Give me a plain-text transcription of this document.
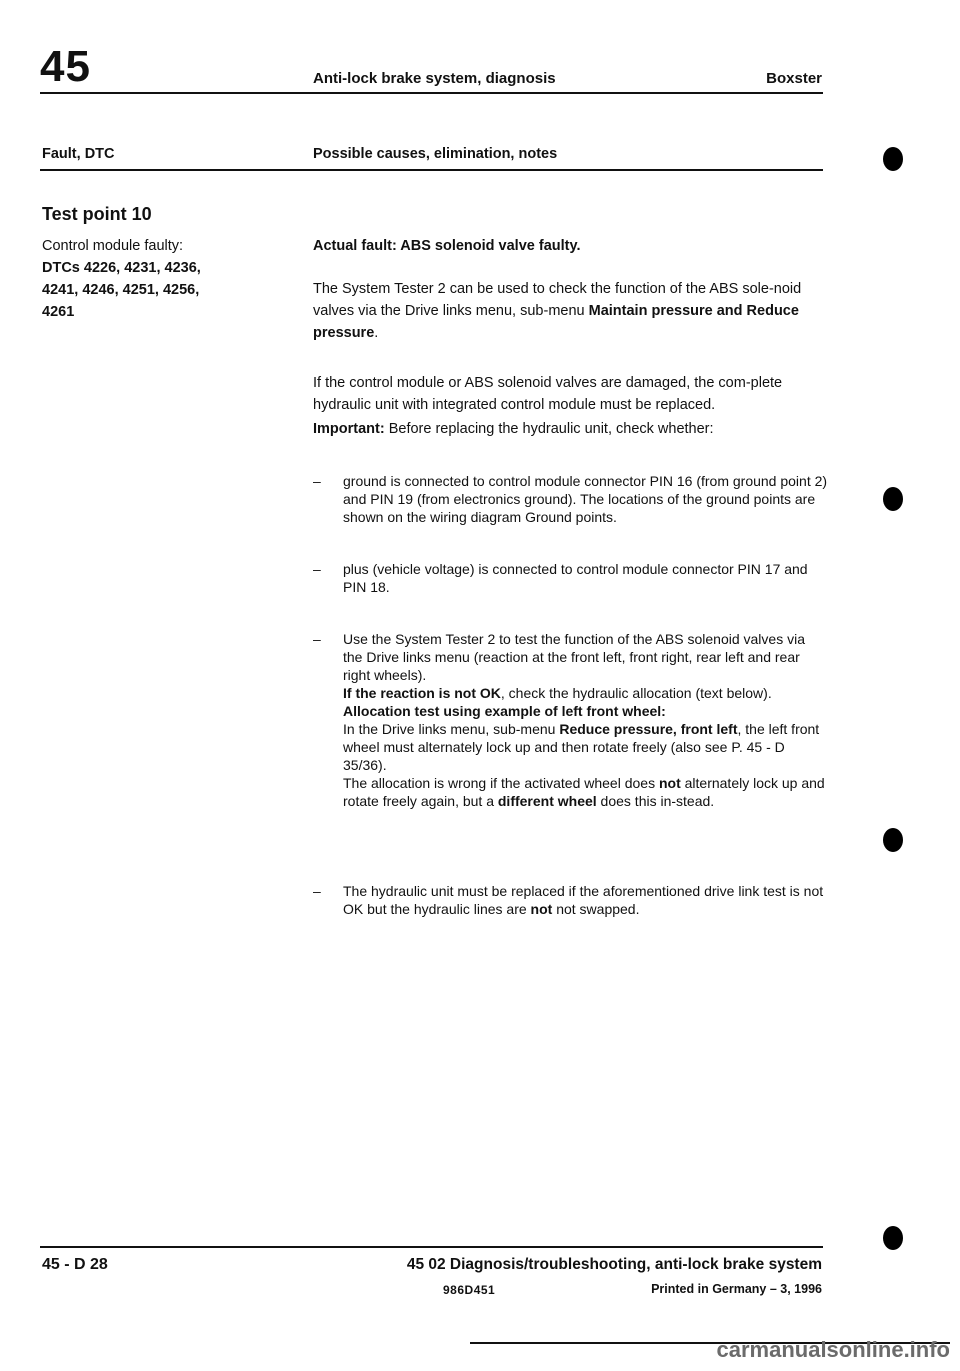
45	Anti-lock brake system, diagnosis	Boxster
Fault, DTC	Possible causes, elimination, notes
Test point 10
Control module faulty:
DTCs 4226, 4231, 4236,
4241, 4246, 4251, 4256,
4261
Actual fault: ABS solenoid valve faulty.
The System Tester 2 can be used to check the function of the ABS sole-noid valves via the Drive links menu, sub-menu Maintain pressure and Reduce pressure.
If the control module or ABS solenoid valves are damaged, the com-plete hydraulic unit with integrated control module must be replaced.
Important: Before replacing the hydraulic unit, check whether:
– ground is connected to control module connector PIN 16 (from ground point 2) and PIN 19 (from electronics ground). The locations of the ground points are shown on the wiring diagram Ground points.
– plus (vehicle voltage) is connected to control module connector PIN 17 and PIN 18.
– Use the System Tester 2 to test the function of the ABS solenoid valves via the Drive links menu (reaction at the front left, front right, rear left and rear right wheels).
If the reaction is not OK, check the hydraulic allocation (text below).
Allocation test using example of left front wheel:
In the Drive links menu, sub-menu Reduce pressure, front left, the left front wheel must alternately lock up and then rotate freely (also see P. 45 - D 35/36).
The allocation is wrong if the activated wheel does not alternately lock up and rotate freely again, but a different wheel does this in-stead.
– The hydraulic unit must be replaced if the aforementioned drive link test is not OK but the hydraulic lines are not not swapped.
45 - D 28	45 02 Diagnosis/troubleshooting, anti-lock brake system
986D451	Printed in Germany – 3, 1996
carmanualsonline.info
